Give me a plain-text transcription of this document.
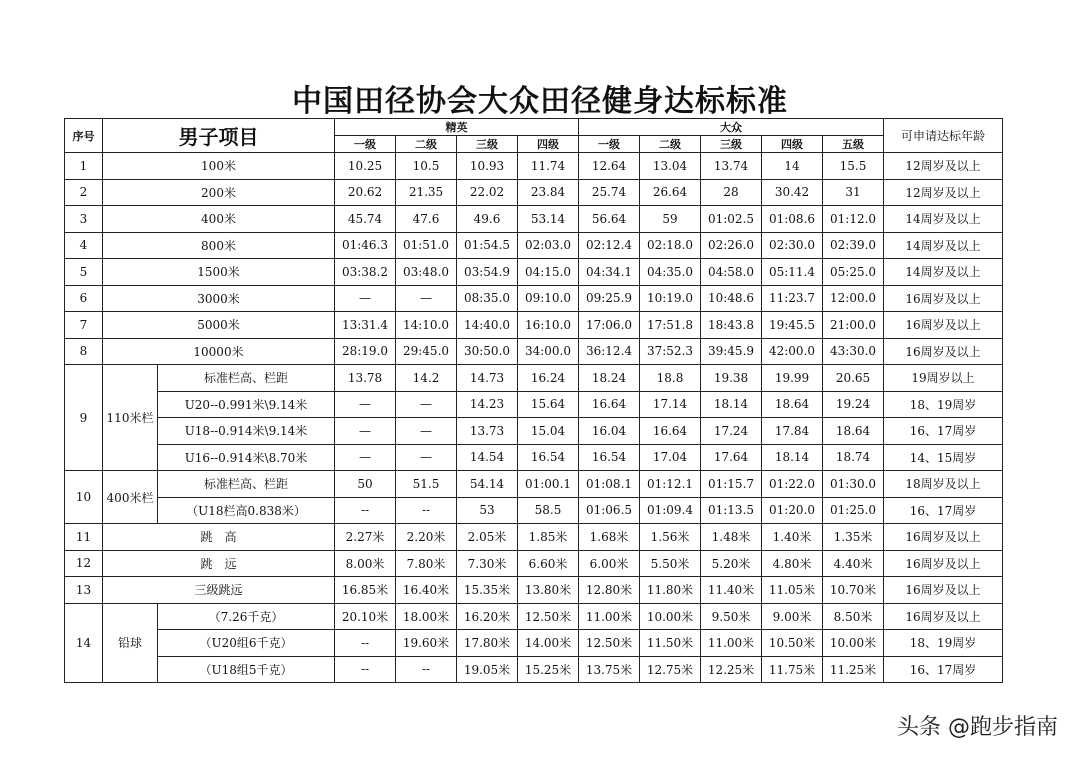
中国田径协会大众田径健身达标标准
序号	男子项目		精英				大众					可申请达标年龄
			一级	二级	三级	四级	一级	二级	三级	四级	五级	
1	100米		10.25	10.5	10.93	11.74	12.64	13.04	13.74	14	15.5	12周岁及以上
2	200米		20.62	21.35	22.02	23.84	25.74	26.64	28	30.42	31	12周岁及以上
3	400米		45.74	47.6	49.6	53.14	56.64	59	01:02.5	01:08.6	01:12.0	14周岁及以上
4	800米		01:46.3	01:51.0	01:54.5	02:03.0	02:12.4	02:18.0	02:26.0	02:30.0	02:39.0	14周岁及以上
5	1500米		03:38.2	03:48.0	03:54.9	04:15.0	04:34.1	04:35.0	04:58.0	05:11.4	05:25.0	14周岁及以上
6	3000米		—	—	08:35.0	09:10.0	09:25.9	10:19.0	10:48.6	11:23.7	12:00.0	16周岁及以上
7	5000米		13:31.4	14:10.0	14:40.0	16:10.0	17:06.0	17:51.8	18:43.8	19:45.5	21:00.0	16周岁及以上
8	10000米		28:19.0	29:45.0	30:50.0	34:00.0	36:12.4	37:52.3	39:45.9	42:00.0	43:30.0	16周岁及以上
9	110米栏	标准栏高、栏距	13.78	14.2	14.73	16.24	18.24	18.8	19.38	19.99	20.65	19周岁以上
		U20--0.991米\9.14米	—	—	14.23	15.64	16.64	17.14	18.14	18.64	19.24	18、19周岁
		U18--0.914米\9.14米	—	—	13.73	15.04	16.04	16.64	17.24	17.84	18.64	16、17周岁
		U16--0.914米\8.70米	—	—	14.54	16.54	16.54	17.04	17.64	18.14	18.74	14、15周岁
10	400米栏	标准栏高、栏距	50	51.5	54.14	01:00.1	01:08.1	01:12.1	01:15.7	01:22.0	01:30.0	18周岁及以上
		（U18栏高0.838米）	--	--	53	58.5	01:06.5	01:09.4	01:13.5	01:20.0	01:25.0	16、17周岁
11	跳　高		2.27米	2.20米	2.05米	1.85米	1.68米	1.56米	1.48米	1.40米	1.35米	16周岁及以上
12	跳　远		8.00米	7.80米	7.30米	6.60米	6.00米	5.50米	5.20米	4.80米	4.40米	16周岁及以上
13	三级跳远		16.85米	16.40米	15.35米	13.80米	12.80米	11.80米	11.40米	11.05米	10.70米	16周岁及以上
14	铅球	（7.26千克）	20.10米	18.00米	16.20米	12.50米	11.00米	10.00米	9.50米	9.00米	8.50米	16周岁及以上
		（U20组6千克）	--	19.60米	17.80米	14.00米	12.50米	11.50米	11.00米	10.50米	10.00米	18、19周岁
		（U18组5千克）	--	--	19.05米	15.25米	13.75米	12.75米	12.25米	11.75米	11.25米	16、17周岁
头条 @跑步指南
